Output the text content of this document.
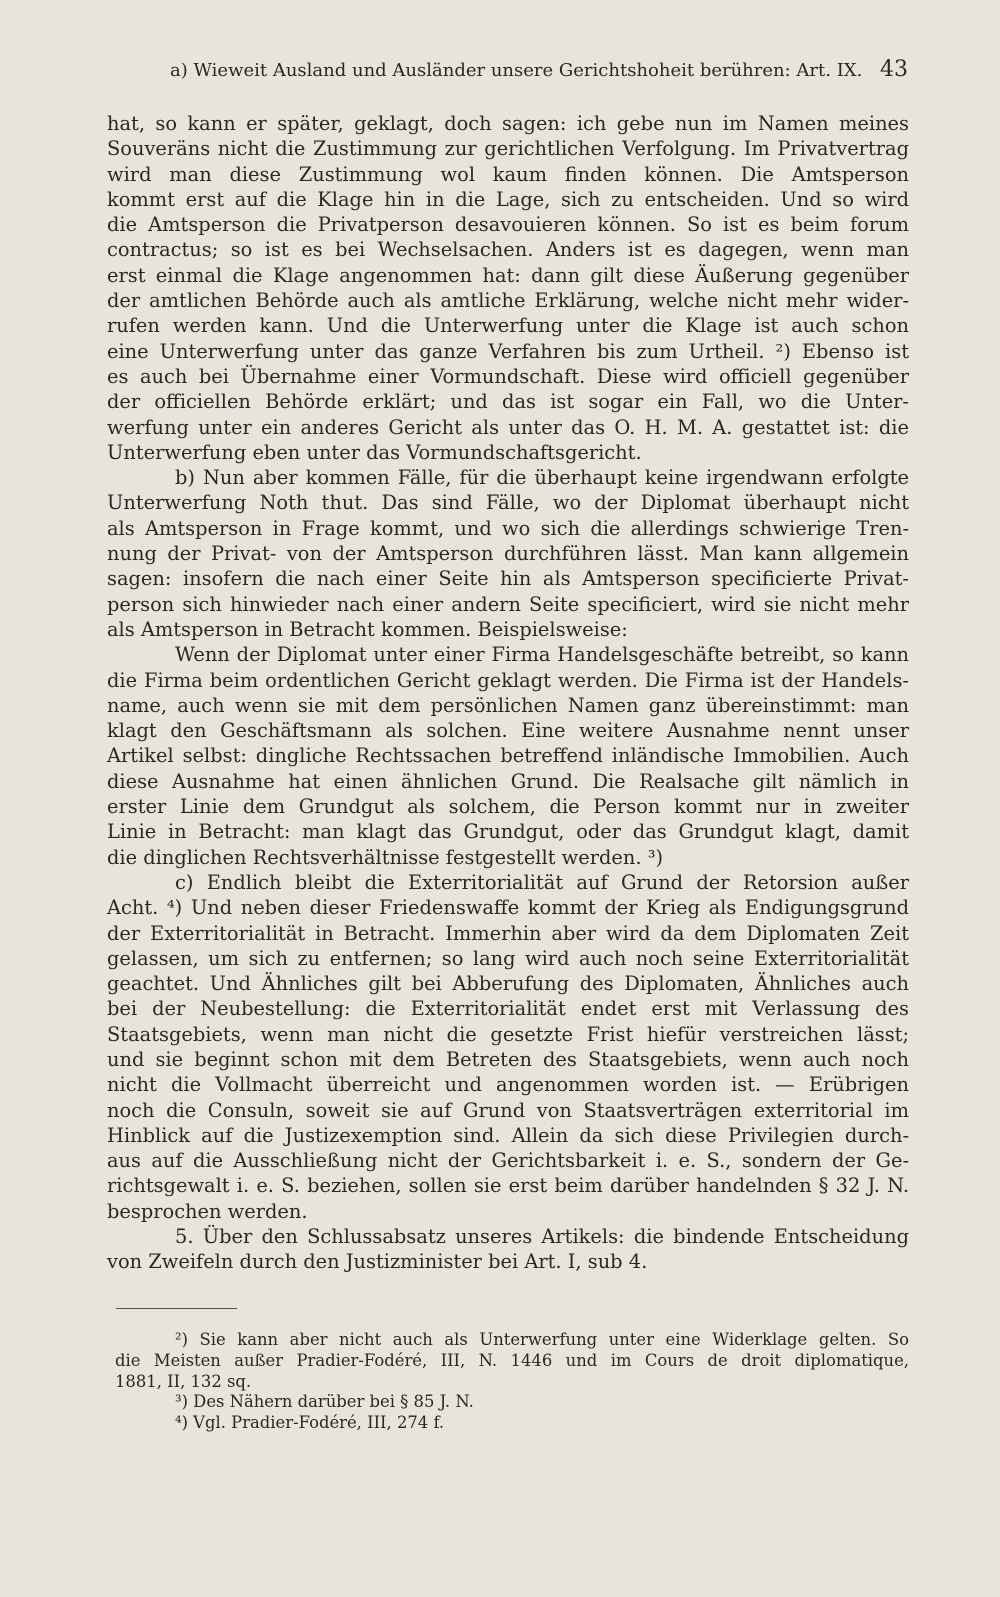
a) Wieweit Ausland und Ausländer unsere Gerichtshoheit berühren: Art. IX. 43
hat, so kann er später, geklagt, doch sagen: ich gebe nun im Namen meines
Souveräns nicht die Zustimmung zur gerichtlichen Verfolgung. Im Privatvertrag
wird man diese Zustimmung wol kaum finden können. Die Amtsperson
kommt erst auf die Klage hin in die Lage, sich zu entscheiden. Und so wird
die Amtsperson die Privatperson desavouieren können. So ist es beim forum
contractus; so ist es bei Wechselsachen. Anders ist es dagegen, wenn man
erst einmal die Klage angenommen hat: dann gilt diese Äußerung gegenüber
der amtlichen Behörde auch als amtliche Erklärung, welche nicht mehr wider-
rufen werden kann. Und die Unterwerfung unter die Klage ist auch schon
eine Unterwerfung unter das ganze Verfahren bis zum Urtheil. ²) Ebenso ist
es auch bei Übernahme einer Vormundschaft. Diese wird officiell gegenüber
der officiellen Behörde erklärt; und das ist sogar ein Fall, wo die Unter-
werfung unter ein anderes Gericht als unter das O. H. M. A. gestattet ist: die
Unterwerfung eben unter das Vormundschaftsgericht.
b) Nun aber kommen Fälle, für die überhaupt keine irgendwann erfolgte
Unterwerfung Noth thut. Das sind Fälle, wo der Diplomat überhaupt nicht
als Amtsperson in Frage kommt, und wo sich die allerdings schwierige Tren-
nung der Privat- von der Amtsperson durchführen lässt. Man kann allgemein
sagen: insofern die nach einer Seite hin als Amtsperson specificierte Privat-
person sich hinwieder nach einer andern Seite specificiert, wird sie nicht mehr
als Amtsperson in Betracht kommen. Beispielsweise:
Wenn der Diplomat unter einer Firma Handelsgeschäfte betreibt, so kann
die Firma beim ordentlichen Gericht geklagt werden. Die Firma ist der Handels-
name, auch wenn sie mit dem persönlichen Namen ganz übereinstimmt: man
klagt den Geschäftsmann als solchen. Eine weitere Ausnahme nennt unser
Artikel selbst: dingliche Rechtssachen betreffend inländische Immobilien. Auch
diese Ausnahme hat einen ähnlichen Grund. Die Realsache gilt nämlich in
erster Linie dem Grundgut als solchem, die Person kommt nur in zweiter
Linie in Betracht: man klagt das Grundgut, oder das Grundgut klagt, damit
die dinglichen Rechtsverhältnisse festgestellt werden. ³)
c) Endlich bleibt die Exterritorialität auf Grund der Retorsion außer
Acht. ⁴) Und neben dieser Friedenswaffe kommt der Krieg als Endigungsgrund
der Exterritorialität in Betracht. Immerhin aber wird da dem Diplomaten Zeit
gelassen, um sich zu entfernen; so lang wird auch noch seine Exterritorialität
geachtet. Und Ähnliches gilt bei Abberufung des Diplomaten, Ähnliches auch
bei der Neubestellung: die Exterritorialität endet erst mit Verlassung des
Staatsgebiets, wenn man nicht die gesetzte Frist hiefür verstreichen lässt;
und sie beginnt schon mit dem Betreten des Staatsgebiets, wenn auch noch
nicht die Vollmacht überreicht und angenommen worden ist. — Erübrigen
noch die Consuln, soweit sie auf Grund von Staatsverträgen exterritorial im
Hinblick auf die Justizexemption sind. Allein da sich diese Privilegien durch-
aus auf die Ausschließung nicht der Gerichtsbarkeit i. e. S., sondern der Ge-
richtsgewalt i. e. S. beziehen, sollen sie erst beim darüber handelnden § 32 J. N.
besprochen werden.
5. Über den Schlussabsatz unseres Artikels: die bindende Entscheidung
von Zweifeln durch den Justizminister bei Art. I, sub 4.
²) Sie kann aber nicht auch als Unterwerfung unter eine Widerklage gelten. So
die Meisten außer Pradier-Fodéré, III, N. 1446 und im Cours de droit diplomatique,
1881, II, 132 sq.
³) Des Nähern darüber bei § 85 J. N.
⁴) Vgl. Pradier-Fodéré, III, 274 f.
